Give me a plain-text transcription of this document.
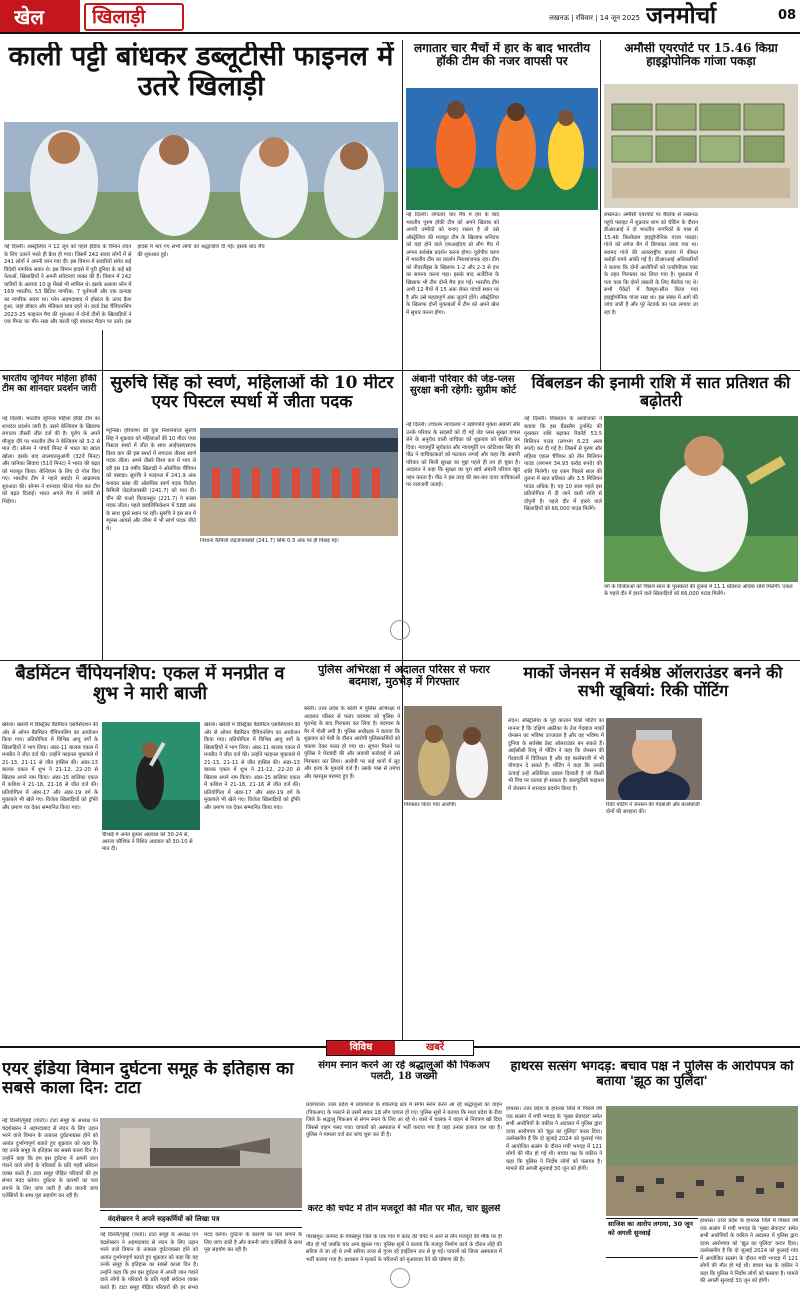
खेल	खिलाड़ी	लखनऊ | रविवार | 14 जून 2025 जनमोर्चा	08
काली पट्टी बांधकर डब्लूटीसी फाइनल में उतरे खिलाड़ी
नई दिल्ली। आस्ट्रेलिया ने 12 जून को पहले इंडिया के विमान लंदन के लिए उतरने भरते ही क्रैश हो गया। जिसमें 242 सवार लोगों में से 241 लोगों ने अपनी जान गवा दी। इस विमान में सवारियों समेत कई विदेशी नागरिक सवार थे। इस विमान हादसे में पूरी दुनिया के कई बड़े नेताओं, खिलाड़ियों ने अपनी संवेदनाएं व्यक्त की हैं। विमान में 242 यात्रियों के अलावा 10 क्रू मेंबर्स भी शामिल थे। इसके अलावा प्लेन में 169 भारतीय, 53 ब्रिटिश नागरिक, 7 पुर्तगाली और एक कनाडा का नागरिक सवार था। प्लेन अहमदाबाद में हॉस्टल के ऊपर क्रैश हुआ, जहां डॉक्टर और मेडिकल छात्र रहते थे। वर्ल्ड टेस्ट चैंपियनशिप 2023-25 फाइनल मैच की शुरुआत में दोनों टीमों के खिलाड़ियों ने एक मिनट का मौन रखा और काली पट्टी बांधकर मैदान पर उतरे। इस हादसे में मारे गए सभी लोगों को श्रद्धांजलि दी गई। इसके बाद मैच की शुरुआत हुई।
लगातार चार मैचों में हार के बाद भारतीय हॉकी टीम की नजर वापसी पर
नई दिल्ली। लगातार चार मैच में हार के बाद भारतीय पुरुष हॉकी टीम को अपने खिताब को अपनी उम्मीदों को बनाए रखना है तो उसे ऑस्ट्रेलिया की मजबूत टीम के खिलाफ शनिवार को यहां होने वाले एफआईएच प्रो लीग मैच में अपना सर्वश्रेष्ठ प्रदर्शन करना होगा। यूरोपीय चरण में भारतीय टीम का प्रदर्शन निराशाजनक रहा। टीम को नीदरलैंड्स के खिलाफ 1-2 और 2-3 से हार का सामना करना पड़ा। इसके बाद अर्जेंटीना के खिलाफ भी टीम दोनों मैच हार गई। भारतीय टीम अभी 12 मैचों में 15 अंक लेकर पांचवें स्थान पर है और उसे महत्वपूर्ण अंक जुटाने होंगे। ऑस्ट्रेलिया के खिलाफ दोनों मुकाबलों में टीम को अपने खेल में सुधार करना होगा।
अमौसी एयरपोर्ट पर 15.46 किग्रा हाइड्रोपोनिक गांजा पकड़ा
लखनऊ। अमौसी एयरपोर्ट पर बैंकॉक से लखनऊ पहुंचे फ्लाइट में शुक्रवार शाम को चेकिंग के दौरान डीआरआई ने दो भारतीय नागरिकों के पास से 15.46 किलोग्राम हाइड्रोपोनिक गांजा पकड़ा। गांजे को लगेज बैग में छिपाकर लाया गया था। बरामद गांजे की अंतरराष्ट्रीय बाजार में कीमत करोड़ों रुपये आंकी गई है। डीआरआई अधिकारियों ने बताया कि दोनों आरोपियों को एनडीपीएस एक्ट के तहत गिरफ्तार कर लिया गया है। पूछताछ में पता चला कि दोनों तस्करी के लिए बैंकॉक गए थे। सभी पैकेटों में वैक्यूम-सील किया गया हाइड्रोपोनिक गांजा रखा था। इस संबंध में आगे की जांच जारी है और पूरे नेटवर्क का पता लगाया जा रहा है।
भारतीय जूनियर महिला हॉकी टीम का शानदार प्रदर्शन जारी
नई दिल्ली। भारतीय जूनियर महिला हॉकी टीम का शानदार प्रदर्शन जारी है। उसने बेल्जियम के खिलाफ लगातार तीसरी जीत दर्ज की है। यूरोप के अपने मौजूदा दौरे पर भारतीय टीम ने बेल्जियम को 3-2 से मात दी। सोनम ने पांचवें मिनट में भारत का खाता खोला। इसके बाद लालथंतलुआंगी (32वें मिनट) और कनिका सिवाच (51वें मिनट) ने भारत की बढ़त को मजबूत किया। बेल्जियम के लिए दो गोल किए गए। भारतीय टीम ने पहले क्वार्टर में आक्रामक शुरुआत की। सोनम ने शानदार फील्ड गोल कर टीम को बढ़त दिलाई। भारत अगले मैच में जर्मनी से भिड़ेगा।
सुरुचि सिंह को स्वर्ण, महिलाओं की 10 मीटर एयर पिस्टल स्पर्धा में जीता पदक
म्यूनिख। हरियाणा की युवा निशानेबाज सुरुचि सिंह ने शुक्रवार को महिलाओं की 10 मीटर एयर पिस्टल स्पर्धा में जीत के साथ आईएसएसएफ विश्व कप की इस स्पर्धा में लगातार तीसरा स्वर्ण पदक जीता। अपने तीसरे विश्व कप में भाग ले रही इस 19 वर्षीय खिलाड़ी ने ओलंपिक चैंपियन को पछाड़ा। सुरुचि ने फाइनल में 241.9 अंक बनाकर फ्रांस की ओलंपिक स्वर्ण पदक विजेता कैमिली जेद्रजेजवस्की (241.7) को मात दी। चीन की याओ कियानसुन (221.7) ने कांस्य पदक जीता। पहले क्वालिफिकेशन में 588 अंक के साथ दूसरे स्थान पर रहीं। सुरुचि ने इस सत्र में ब्यूनस आयर्स और लीमा में भी स्वर्ण पदक जीते थे।
निशाना कैमिली जेद्रजेजवस्की (241.7) सिर्फ 0.5 अंक पर ही पिछड़ गई।
अंबानी परिवार की जेड-प्लस सुरक्षा बनी रहेगी: सुप्रीम कोर्ट
नई दिल्ली। उच्चतम न्यायालय ने उद्योगपति मुकेश अंबानी और उनके परिवार के सदस्यों को दी गई जेड प्लस सुरक्षा वापस लेने के अनुरोध वाली याचिका को शुक्रवार को खारिज कर दिया। न्यायमूर्ति सूर्यकांत और न्यायमूर्ति एन कोटिश्वर सिंह की पीठ ने याचिकाकर्ता को फटकार लगाई और कहा कि अंबानी परिवार को मिली सुरक्षा का मुद्दा पहले ही तय हो चुका है। अदालत ने कहा कि सुरक्षा का पूरा खर्च अंबानी परिवार खुद वहन करता है। पीठ ने इस तरह की बार-बार दायर याचिकाओं पर नाराजगी जताई।
विंबलडन की इनामी राशि में सात प्रतिशत की बढ़ोतरी
नई दिल्ली। विंबलडन के आयोजकों ने बताया कि इस ग्रैंडस्लैम टूर्नामेंट की पुरस्कार राशि बढ़ाकर रिकॉर्ड 53.5 मिलियन पाउंड (लगभग 6.23 अरब रुपये) कर दी गई है। जिसमें से पुरुष और महिला एकल चैंपियन को तीन मिलियन पाउंड (लगभग 34.93 करोड़ रुपये) की राशि मिलेगी। यह रकम पिछले साल की तुलना में सात प्रतिशत और 3.5 मिलियन पाउंड अधिक है। यह 10 साल पहले इस प्रतियोगिता में दी जाने वाली राशि से दोगुनी है। पहले दौर में हारने वाले खिलाड़ियों को 66,000 पाउंड मिलेंगे।
वर्ग के विजेताओं को पिछले साल के पुरस्कारों की तुलना में 11.1 प्रतिशत अधिक राशि मिलेगी। एकल के पहले दौर में हारने वाले खिलाड़ियों को 66,000 पाउंड मिलेंगे।
बैडमिंटन चैंपियनशिप: एकल में मनप्रीत व शुभ ने मारी बाजी
खरेला। खरेली में डिस्ट्रिक्ट बैडमिंटन एसोसिएशन की ओर से ओपन बैडमिंटन चैंपियनशिप का आयोजन किया गया। प्रतियोगिता में विभिन्न आयु वर्गों के खिलाड़ियों ने भाग लिया। अंडर-11 बालक एकल में मनप्रीत ने जीत दर्ज की। उन्होंने फाइनल मुकाबले में 21-13, 21-11 से जीत हासिल की। अंडर-13 बालक एकल में शुभ ने 21-12, 22-20 से खिताब अपने नाम किया। अंडर-15 बालिका एकल में कशिश ने 21-18, 21-16 से जीत दर्ज की। प्रतियोगिता में अंडर-17 और अंडर-19 वर्ग के मुकाबले भी खेले गए। विजेता खिलाड़ियों को ट्रॉफी और प्रमाण पत्र देकर सम्मानित किया गया।
चौथाई में अनंत कुमार अग्रवाल को 30-24 से, आरव्य कौशिक ने रिशित अग्रवाल को 30-10 से मात दी।
खरेला। खरेली में डिस्ट्रिक्ट बैडमिंटन एसोसिएशन की ओर से ओपन बैडमिंटन चैंपियनशिप का आयोजन किया गया। प्रतियोगिता में विभिन्न आयु वर्गों के खिलाड़ियों ने भाग लिया। अंडर-11 बालक एकल में मनप्रीत ने जीत दर्ज की। उन्होंने फाइनल मुकाबले में 21-13, 21-11 से जीत हासिल की। अंडर-13 बालक एकल में शुभ ने 21-12, 22-20 से खिताब अपने नाम किया। अंडर-15 बालिका एकल में कशिश ने 21-18, 21-16 से जीत दर्ज की। प्रतियोगिता में अंडर-17 और अंडर-19 वर्ग के मुकाबले भी खेले गए। विजेता खिलाड़ियों को ट्रॉफी और प्रमाण पत्र देकर सम्मानित किया गया।
पुलिस अभिरक्षा में अदालत परिसर से फरार बदमाश, मुठभेड़ में गिरफ्तार
बरेली। उत्तर प्रदेश के बरेली में पुलिस अभिरक्षा में अदालत परिसर से फरार बदमाश को पुलिस ने मुठभेड़ के बाद गिरफ्तार कर लिया है। बदमाश के पैर में गोली लगी है। पुलिस अधीक्षक ने बताया कि शुक्रवार को पेशी के दौरान आरोपी पुलिसकर्मियों को चकमा देकर फरार हो गया था। सूचना मिलने पर पुलिस ने घेराबंदी की और जवाबी कार्रवाई में उसे गिरफ्तार कर लिया। आरोपी पर कई थानों में लूट और हत्या के मुकदमे दर्ज हैं। उसके पास से तमंचा और कारतूस बरामद हुए हैं।
गिरफ्तार किया गया आरोपी।
मार्को जेनसन में सर्वश्रेष्ठ ऑलराउंडर बनने की सभी खूबियां: रिकी पोंटिंग
लंदन। ऑस्ट्रेलिया के पूर्व कप्तान रिकी पोंटिंग का मानना है कि दक्षिण अफ्रीका के तेज गेंदबाज मार्को जेनसन का भविष्य उज्जवल है और वह भविष्य में दुनिया के सर्वश्रेष्ठ टेस्ट ऑलराउंडर बन सकते हैं। आईसीसी रिव्यू में पोंटिंग ने कहा कि जेनसन की गेंदबाजी में विविधता है और वह बल्लेबाजी में भी योगदान दे सकते हैं। पोंटिंग ने कहा कि उनकी ऊंचाई उन्हें अतिरिक्त उछाल दिलाती है जो किसी भी पिच पर घातक हो सकता है। डब्ल्यूटीसी फाइनल में जेनसन ने शानदार प्रदर्शन किया है।
रिकी पोंटिंग ने जेनसन की गेंदबाजी और बल्लेबाजी दोनों की सराहना की।
विविध	खबरें
एयर इंडिया विमान दुर्घटना समूह के इतिहास का सबसे काला दिन: टाटा
नई दिल्ली/मुंबई (वार्ता)। टाटा समूह के अध्यक्ष एन चंद्रशेखरन ने अहमदाबाद से लंदन के लिए उड़ान भरने वाले विमान के तत्काल दुर्घटनाग्रस्त होने को अत्यंत दुर्भाग्यपूर्ण बताते हुए शुक्रवार को कहा कि यह उनके समूह के इतिहास का सबसे काला दिन है। उन्होंने कहा कि हम इस दुर्घटना में अपनी जान गंवाने वाले लोगों के परिवारों के प्रति गहरी संवेदना व्यक्त करते हैं। टाटा समूह पीड़ित परिवारों की हर संभव मदद करेगा। दुर्घटना के कारणों का पता लगाने के लिए जांच जारी है और कंपनी जांच एजेंसियों के साथ पूरा सहयोग कर रही है।
वंदशेखरन ने अपने सहकर्मियों को लिखा पत्र
नई दिल्ली/मुंबई (वार्ता)। टाटा समूह के अध्यक्ष एन चंद्रशेखरन ने अहमदाबाद से लंदन के लिए उड़ान भरने वाले विमान के तत्काल दुर्घटनाग्रस्त होने को अत्यंत दुर्भाग्यपूर्ण बताते हुए शुक्रवार को कहा कि यह उनके समूह के इतिहास का सबसे काला दिन है। उन्होंने कहा कि हम इस दुर्घटना में अपनी जान गंवाने वाले लोगों के परिवारों के प्रति गहरी संवेदना व्यक्त करते हैं। टाटा समूह पीड़ित परिवारों की हर संभव मदद करेगा। दुर्घटना के कारणों का पता लगाने के लिए जांच जारी है और कंपनी जांच एजेंसियों के साथ पूरा सहयोग कर रही है।
संगम स्नान करने आ रहे श्रद्धालुओं की पिकअप पलटी, 18 जख्मी
प्रयागराज। उत्तर प्रदेश में प्रयागराज के शंकरगढ़ क्षेत्र में संगम स्नान करने आ रहे श्रद्धालुओं का वाहन (पिकअप) के पलटने से उसमें सवार 18 लोग घायल हो गए। पुलिस सूत्रों ने बताया कि मध्य प्रदेश के रीवा जिले के श्रद्धालु पिकअप से संगम स्नान के लिए आ रहे थे। रास्ते में चालक ने वाहन से नियंत्रण खो दिया जिससे वाहन पलट गया। घायलों को अस्पताल में भर्ती कराया गया है जहां उनका इलाज चल रहा है। पुलिस ने मामला दर्ज कर जांच शुरू कर दी है।
करंट की चपेट में तीन मजदूरों की मौत पर मौत, चार झुलसे
गोरखपुर। जनपद के गोरखपुर जिले के एक गांव में करंट की चपेट में आने से तीन मजदूरों की मौके पर ही मौत हो गई जबकि चार अन्य झुलस गए। पुलिस सूत्रों ने बताया कि मजदूर निर्माण कार्य के दौरान लोहे की सरिया ले जा रहे थे तभी सरिया ऊपर से गुजर रहे हाईटेंशन तार से छू गई। घायलों को जिला अस्पताल में भर्ती कराया गया है। प्रशासन ने मृतकों के परिजनों को मुआवजा देने की घोषणा की है।
हाथरस सत्संग भगदड़: बचाव पक्ष ने पुलिस के आरोपपत्र को बताया 'झूठ का पुलिंदा'
हाथरस। उत्तर प्रदेश के हाथरस जिले में पिछले वर्ष एक सत्संग में मची भगदड़ के 'मुख्य सेवादार' समेत सभी आरोपियों के वकील ने अदालत में पुलिस द्वारा दायर आरोपपत्र को 'झूठ का पुलिंदा' करार दिया। उल्लेखनीय है कि दो जुलाई 2024 को फुलरई गांव में आयोजित सत्संग के दौरान मची भगदड़ में 121 लोगों की मौत हो गई थी। बचाव पक्ष के वकील ने कहा कि पुलिस ने निर्दोष लोगों को फंसाया है। मामले की अगली सुनवाई 30 जून को होगी।
साजिश का आरोप लगाया, 30 जून को अगली सुनवाई
हाथरस। उत्तर प्रदेश के हाथरस जिले में पिछले वर्ष एक सत्संग में मची भगदड़ के 'मुख्य सेवादार' समेत सभी आरोपियों के वकील ने अदालत में पुलिस द्वारा दायर आरोपपत्र को 'झूठ का पुलिंदा' करार दिया। उल्लेखनीय है कि दो जुलाई 2024 को फुलरई गांव में आयोजित सत्संग के दौरान मची भगदड़ में 121 लोगों की मौत हो गई थी। बचाव पक्ष के वकील ने कहा कि पुलिस ने निर्दोष लोगों को फंसाया है। मामले की अगली सुनवाई 30 जून को होगी।
